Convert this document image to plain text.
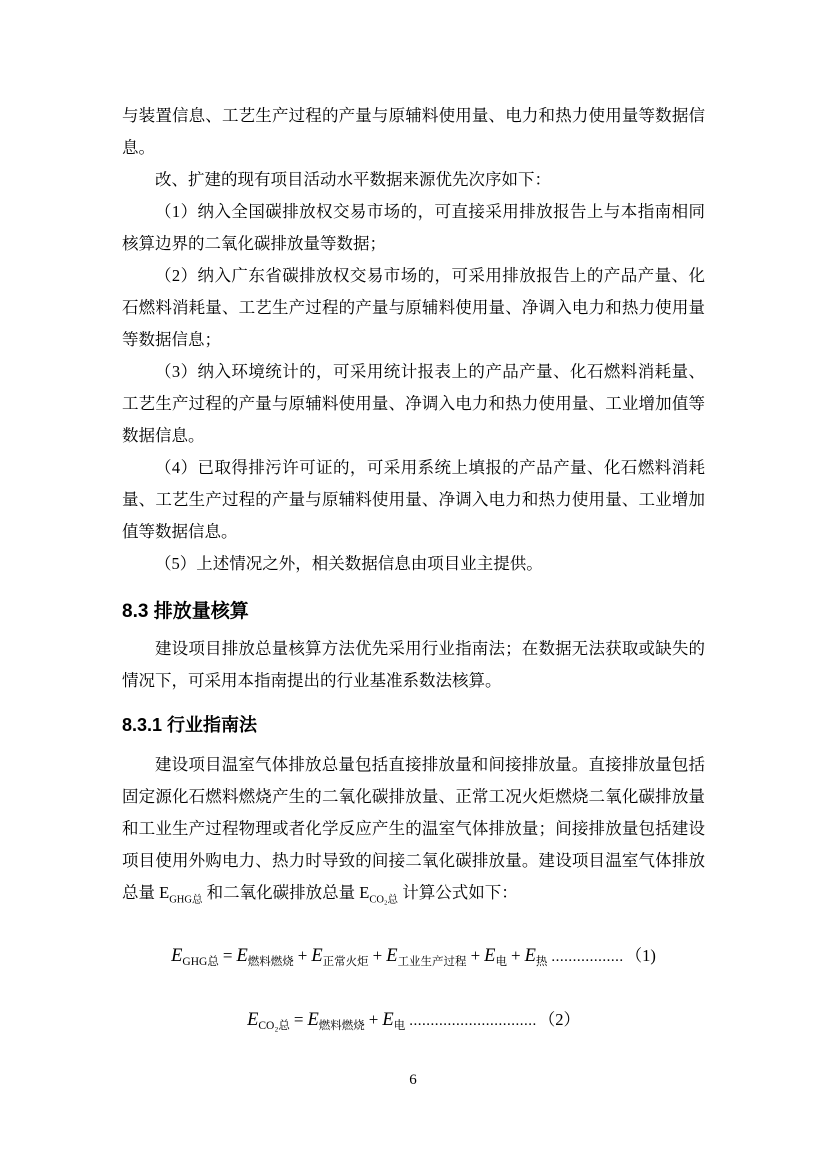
与装置信息、工艺生产过程的产量与原辅料使用量、电力和热力使用量等数据信息。

改、扩建的现有项目活动水平数据来源优先次序如下：

（1）纳入全国碳排放权交易市场的，可直接采用排放报告上与本指南相同核算边界的二氧化碳排放量等数据；

（2）纳入广东省碳排放权交易市场的，可采用排放报告上的产品产量、化石燃料消耗量、工艺生产过程的产量与原辅料使用量、净调入电力和热力使用量等数据信息；

（3）纳入环境统计的，可采用统计报表上的产品产量、化石燃料消耗量、工艺生产过程的产量与原辅料使用量、净调入电力和热力使用量、工业增加值等数据信息。

（4）已取得排污许可证的，可采用系统上填报的产品产量、化石燃料消耗量、工艺生产过程的产量与原辅料使用量、净调入电力和热力使用量、工业增加值等数据信息。

（5）上述情况之外，相关数据信息由项目业主提供。

8.3 排放量核算

建设项目排放总量核算方法优先采用行业指南法；在数据无法获取或缺失的情况下，可采用本指南提出的行业基准系数法核算。

8.3.1 行业指南法

建设项目温室气体排放总量包括直接排放量和间接排放量。直接排放量包括固定源化石燃料燃烧产生的二氧化碳排放量、正常工况火炬燃烧二氧化碳排放量和工业生产过程物理或者化学反应产生的温室气体排放量；间接排放量包括建设项目使用外购电力、热力时导致的间接二氧化碳排放量。建设项目温室气体排放总量 $E_{GHG总}$ 和二氧化碳排放总量 $E_{CO_2总}$ 计算公式如下：

$E_{GHG总} = E_{燃料燃烧} + E_{正常火炬} + E_{工业生产过程} + E_电 + E_热$ ................. （1)
$E_{CO_2总} = E_{燃料燃烧} + E_电$ .............................. （2）
6
